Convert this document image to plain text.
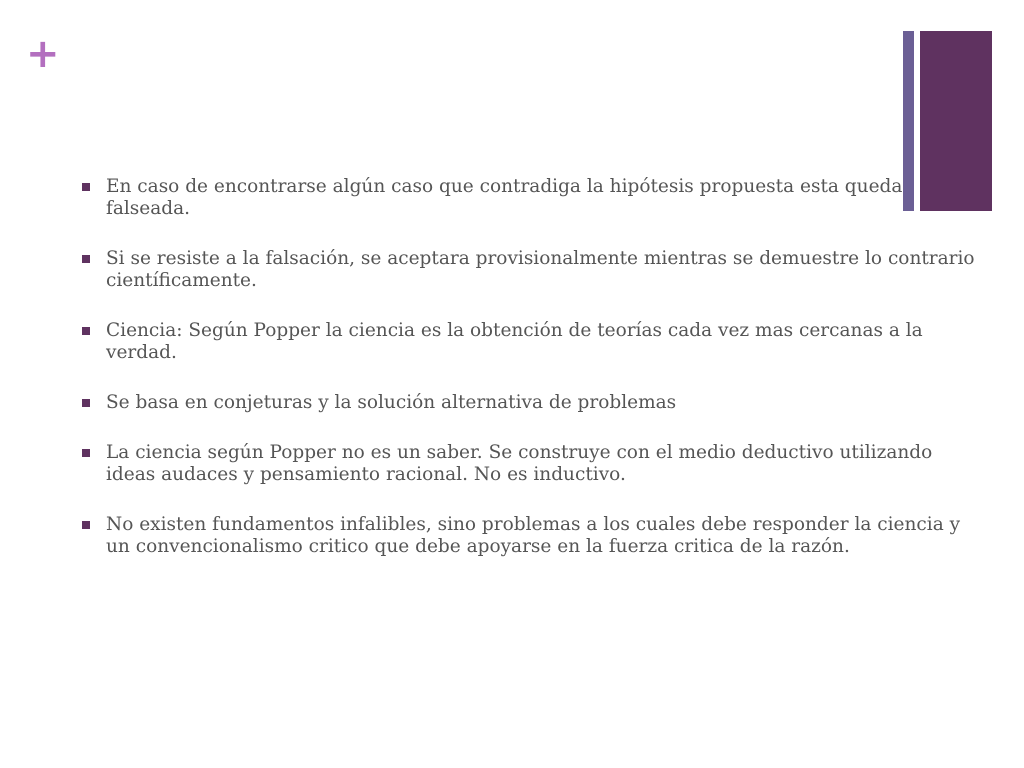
+
En caso de encontrarse algún caso que contradiga la hipótesis propuesta esta queda falseada.
Si se resiste a la falsación, se aceptara provisionalmente mientras se demuestre lo contrario científicamente.
Ciencia: Según Popper la ciencia es la obtención de teorías cada vez mas cercanas a la verdad.
Se basa en conjeturas y la solución alternativa de problemas
La ciencia según Popper no es un saber. Se construye con el medio deductivo utilizando ideas audaces y pensamiento racional. No es inductivo.
No existen fundamentos infalibles, sino problemas a los cuales debe responder la ciencia y un convencionalismo critico que debe apoyarse en la fuerza critica de la razón.
